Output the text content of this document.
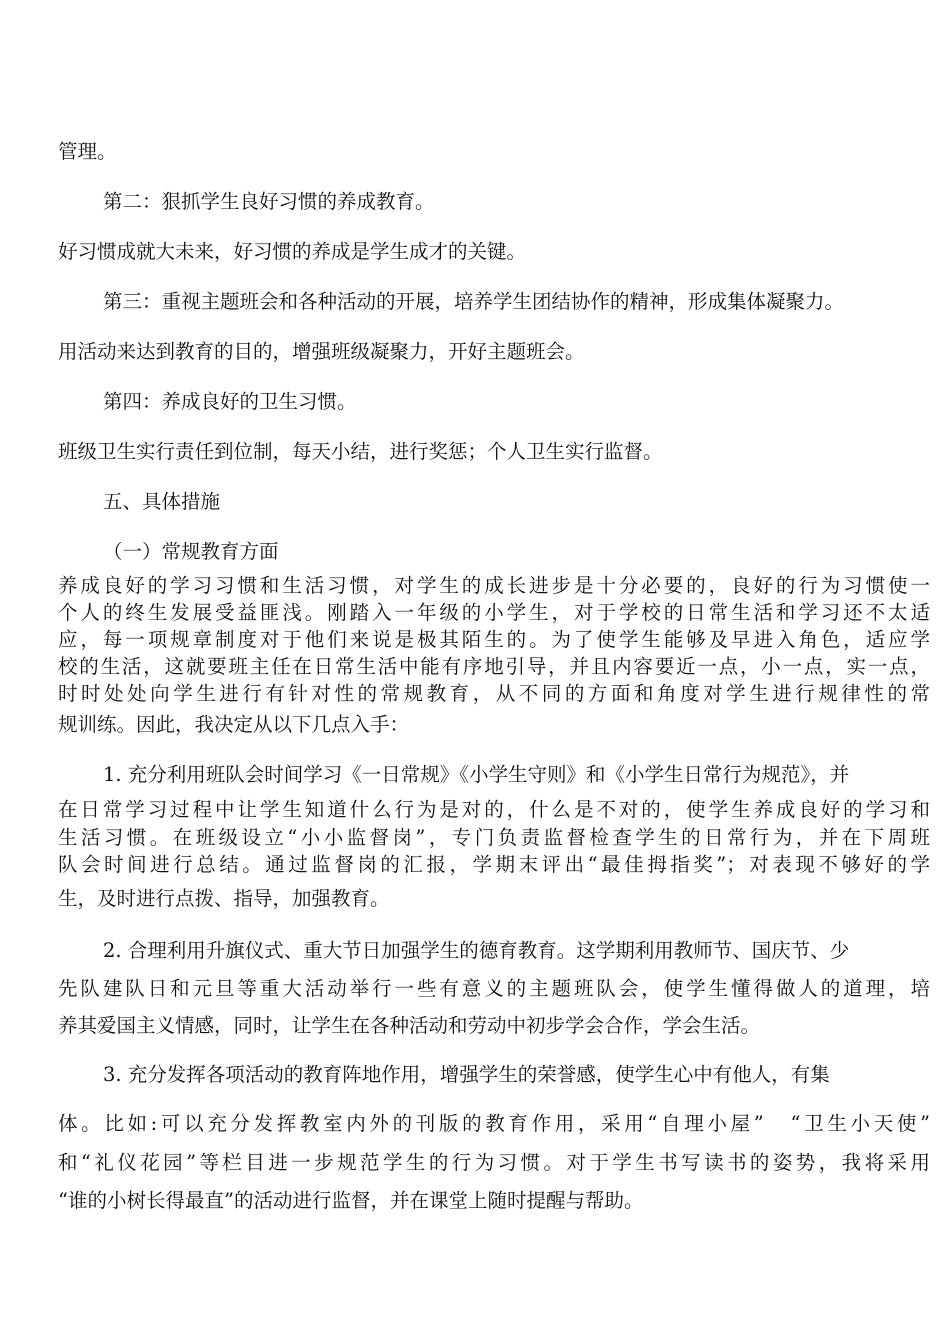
管理。

第二：狠抓学生良好习惯的养成教育。

好习惯成就大未来，好习惯的养成是学生成才的关键。

第三：重视主题班会和各种活动的开展，培养学生团结协作的精神，形成集体凝聚力。

用活动来达到教育的目的，增强班级凝聚力，开好主题班会。

第四：养成良好的卫生习惯。

班级卫生实行责任到位制，每天小结，进行奖惩；个人卫生实行监督。

五、具体措施

（一）常规教育方面

养成良好的学习习惯和生活习惯，对学生的成长进步是十分必要的，良好的行为习惯使一

个人的终生发展受益匪浅。刚踏入一年级的小学生，对于学校的日常生活和学习还不太适

应，每一项规章制度对于他们来说是极其陌生的。为了使学生能够及早进入角色，适应学

校的生活，这就要班主任在日常生活中能有序地引导，并且内容要近一点，小一点，实一点，

时时处处向学生进行有针对性的常规教育，从不同的方面和角度对学生进行规律性的常

规训练。因此，我决定从以下几点入手：

1. 充分利用班队会时间学习《一日常规》《小学生守则》和《小学生日常行为规范》，并

在日常学习过程中让学生知道什么行为是对的，什么是不对的，使学生养成良好的学习和

生活习惯。在班级设立“小小监督岗”，专门负责监督检查学生的日常行为，并在下周班

队会时间进行总结。通过监督岗的汇报，学期末评出“最佳拇指奖”；对表现不够好的学

生，及时进行点拨、指导，加强教育。

2. 合理利用升旗仪式、重大节日加强学生的德育教育。这学期利用教师节、国庆节、少

先队建队日和元旦等重大活动举行一些有意义的主题班队会，使学生懂得做人的道理，培

养其爱国主义情感，同时，让学生在各种活动和劳动中初步学会合作，学会生活。

3. 充分发挥各项活动的教育阵地作用，增强学生的荣誉感，使学生心中有他人，有集

体。比如:可以充分发挥教室内外的刊版的教育作用，采用“自理小屋”　“卫生小天使”

和“礼仪花园”等栏目进一步规范学生的行为习惯。对于学生书写读书的姿势，我将采用

“谁的小树长得最直”的活动进行监督，并在课堂上随时提醒与帮助。
